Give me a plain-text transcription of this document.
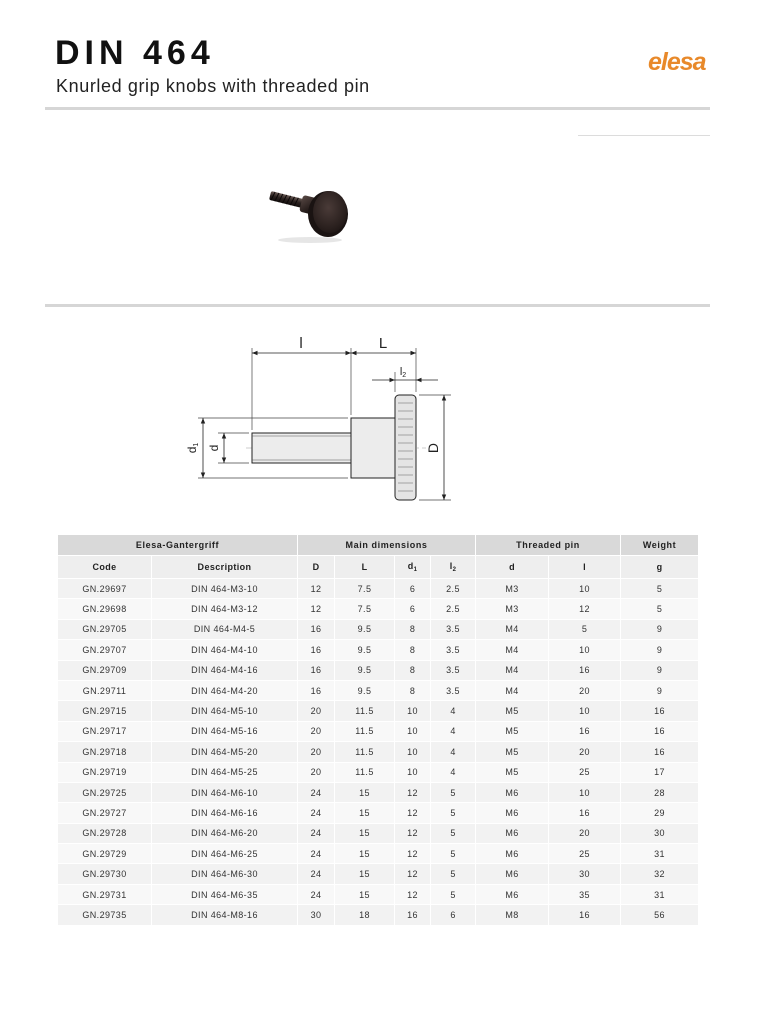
DIN 464
Knurled grip knobs with threaded pin
elesa
l	L
l2
D
d1 d
Elesa-Gantergriff		Main dimensions				Threaded pin		Weight
Code	Description	D	L	$d_1$	$l_2$	d	l	g
GN.29697	DIN 464-M3-10	12	7.5	6	2.5	M3	10	5
GN.29698	DIN 464-M3-12	12	7.5	6	2.5	M3	12	5
GN.29705	DIN 464-M4-5	16	9.5	8	3.5	M4	5	9
GN.29707	DIN 464-M4-10	16	9.5	8	3.5	M4	10	9
GN.29709	DIN 464-M4-16	16	9.5	8	3.5	M4	16	9
GN.29711	DIN 464-M4-20	16	9.5	8	3.5	M4	20	9
GN.29715	DIN 464-M5-10	20	11.5	10	4	M5	10	16
GN.29717	DIN 464-M5-16	20	11.5	10	4	M5	16	16
GN.29718	DIN 464-M5-20	20	11.5	10	4	M5	20	16
GN.29719	DIN 464-M5-25	20	11.5	10	4	M5	25	17
GN.29725	DIN 464-M6-10	24	15	12	5	M6	10	28
GN.29727	DIN 464-M6-16	24	15	12	5	M6	16	29
GN.29728	DIN 464-M6-20	24	15	12	5	M6	20	30
GN.29729	DIN 464-M6-25	24	15	12	5	M6	25	31
GN.29730	DIN 464-M6-30	24	15	12	5	M6	30	32
GN.29731	DIN 464-M6-35	24	15	12	5	M6	35	31
GN.29735	DIN 464-M8-16	30	18	16	6	M8	16	56
